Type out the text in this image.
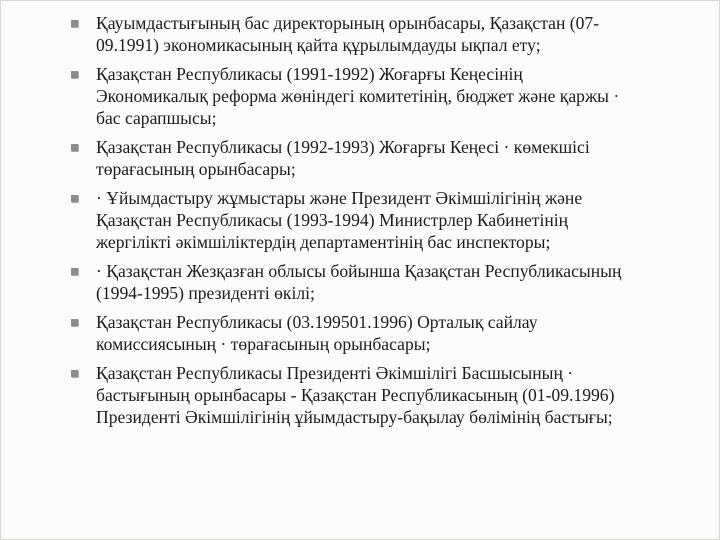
Қауымдастығының бас директорының орынбасары, Қазақстан (07-
09.1991) экономикасының қайта құрылымдауды ықпал ету;
Қазақстан Республикасы (1991-1992) Жоғарғы Кеңесінің
Экономикалық реформа жөніндегі комитетінің, бюджет және қаржы ·
бас сарапшысы;
Қазақстан Республикасы (1992-1993) Жоғарғы Кеңесі · көмекшісі
төрағасының орынбасары;
· Ұйымдастыру жұмыстары және Президент Әкімшілігінің және
Қазақстан Республикасы (1993-1994) Министрлер Кабинетінің
жергілікті әкімшіліктердің департаментінің бас инспекторы;
· Қазақстан Жезқазған облысы бойынша Қазақстан Республикасының
(1994-1995) президенті өкілі;
Қазақстан Республикасы (03.199501.1996) Орталық сайлау
комиссиясының · төрағасының орынбасары;
Қазақстан Республикасы Президенті Әкімшілігі Басшысының ·
бастығының орынбасары - Қазақстан Республикасының (01-09.1996)
Президенті Әкімшілігінің ұйымдастыру-бақылау бөлімінің бастығы;
